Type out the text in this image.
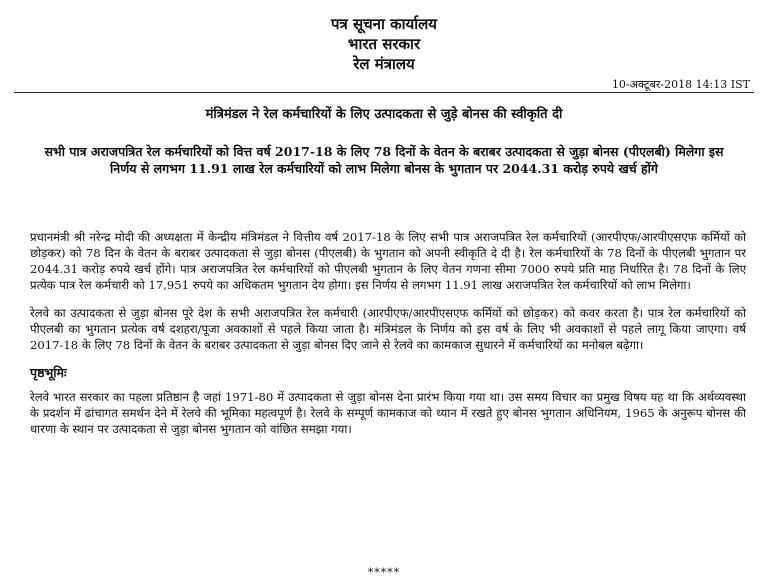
पत्र सूचना कार्यालय
भारत सरकार
रेल मंत्रालय
10-अक्टूबर-2018 14:13 IST
मंत्रिमंडल ने रेल कर्मचारियों के लिए उत्पादकता से जुड़े बोनस की स्वीकृति दी
सभी पात्र अराजपत्रित रेल कर्मचारियों को वित्त वर्ष 2017-18 के लिए 78 दिनों के वेतन के बराबर उत्पादकता से जुड़ा बोनस (पीएलबी) मिलेगा इस निर्णय से लगभग 11.91 लाख रेल कर्मचारियों को लाभ मिलेगा बोनस के भुगतान पर 2044.31 करोड़ रुपये खर्च होंगे

प्रधानमंत्री श्री नरेन्द्र मोदी की अध्यक्षता में केन्द्रीय मंत्रिमंडल ने वित्तीय वर्ष 2017-18 के लिए सभी पात्र अराजपत्रित रेल कर्मचारियों (आरपीएफ/आरपीएसएफ कर्मियों को छोड़कर) को 78 दिन के वेतन के बराबर उत्पादकता से जुड़ा बोनस (पीएलबी) के भुगतान को अपनी स्वीकृति दे दी है। रेल कर्मचारियों के 78 दिनों के पीएलबी भुगतान पर 2044.31 करोड़ रुपये खर्च होंगे। पात्र अराजपत्रित रेल कर्मचारियों को पीएलबी भुगतान के लिए वेतन गणना सीमा 7000 रुपये प्रति माह निर्धारित है। 78 दिनों के लिए प्रत्येक पात्र रेल कर्मचारी को 17,951 रुपये का अधिकतम भुगतान देय होगा। इस निर्णय से लगभग 11.91 लाख अराजपत्रित रेल कर्मचारियों को लाभ मिलेगा।

रेलवे का उत्पादकता से जुड़ा बोनस पूरे देश के सभी अराजपत्रित रेल कर्मचारी (आरपीएफ/आरपीएसएफ कर्मियों को छोड़कर) को कवर करता है। पात्र रेल कर्मचारियों को पीएलबी का भुगतान प्रत्येक वर्ष दशहरा/पूजा अवकाशों से पहले किया जाता है। मंत्रिमंडल के निर्णय को इस वर्ष के लिए भी अवकाशों से पहले लागू किया जाएगा। वर्ष 2017-18 के लिए 78 दिनों के वेतन के बराबर उत्पादकता से जुड़ा बोनस दिए जाने से रेलवे का कामकाज सुधारने में कर्मचारियों का मनोबल बढ़ेगा।

पृष्ठभूमिः

रेलवे भारत सरकार का पहला प्रतिष्ठान है जहां 1971-80 में उत्पादकता से जुड़ा बोनस देना प्रारंभ किया गया था। उस समय विचार का प्रमुख विषय यह था कि अर्थव्यवस्था के प्रदर्शन में ढांचागत समर्थन देने में रेलवे की भूमिका महत्वपूर्ण है। रेलवे के सम्पूर्ण कामकाज को ध्यान में रखते हुए बोनस भुगतान अधिनियम, 1965 के अनुरूप बोनस की धारणा के स्थान पर उत्पादकता से जुड़ा बोनस भुगतान को वांछित समझा गया।

*****
